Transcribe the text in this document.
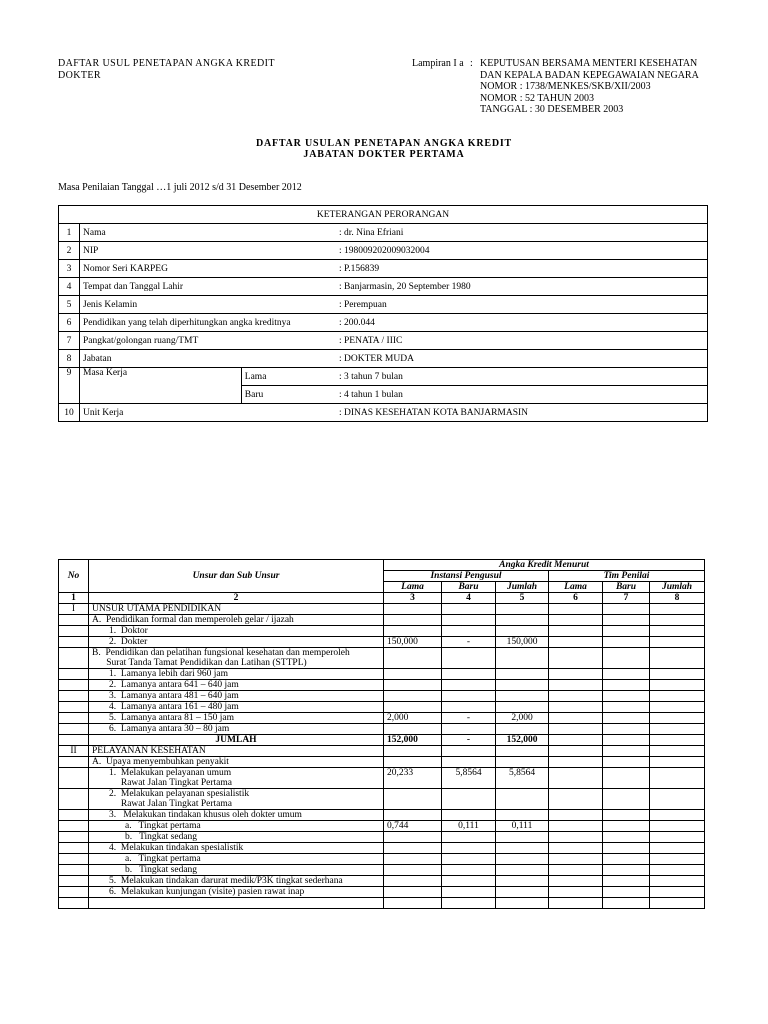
DAFTAR USUL PENETAPAN ANGKA KREDIT
DOKTER
Lampiran I a : KEPUTUSAN BERSAMA MENTERI KESEHATAN
DAN KEPALA BADAN KEPEGAWAIAN NEGARA
NOMOR : 1738/MENKES/SKB/XII/2003
NOMOR : 52 TAHUN 2003
TANGGAL : 30 DESEMBER 2003
DAFTAR USULAN PENETAPAN ANGKA KREDIT
JABATAN DOKTER PERTAMA
Masa Penilaian Tanggal …1 juli 2012 s/d 31 Desember 2012
KETERANGAN PERORANGAN			
1	Nama		: dr. Nina Efriani
2	NIP		: 198009202009032004
3	Nomor Seri KARPEG		: P.156839
4	Tempat dan Tanggal Lahir		: Banjarmasin, 20 September 1980
5	Jenis Kelamin		: Perempuan
6	Pendidikan yang telah diperhitungkan angka kreditnya		: 200.044
7	Pangkat/golongan ruang/TMT		: PENATA / IIIC
8	Jabatan		: DOKTER MUDA
9	Masa Kerja	Lama	: 3 tahun 7 bulan
		Baru	: 4 tahun 1 bulan
10	Unit Kerja		: DINAS KESEHATAN KOTA BANJARMASIN
No	Unsur dan Sub Unsur	Angka Kredit Menurut					
		Instansi Pengusul			Tim Penilai		
		Lama	Baru	Jumlah	Lama	Baru	Jumlah
1	2	3	4	5	6	7	8
I	UNSUR UTAMA PENDIDIKAN						
	A.  Pendidikan formal dan memperoleh gelar / ijazah						
	1.  Doktor						
	2.  Dokter	150,000	-	150,000			
	B.  Pendidikan dan pelatihan fungsional kesehatan dan memperoleh
Surat Tanda Tamat Pendidikan dan Latihan (STTPL)						
	1.  Lamanya lebih dari 960 jam						
	2.  Lamanya antara 641 – 640 jam						
	3.  Lamanya antara 481 – 640 jam						
	4.  Lamanya antara 161 – 480 jam						
	5.  Lamanya antara 81 – 150 jam	2,000	-	2,000			
	6.  Lamanya antara 30 – 80 jam						
	JUMLAH	152,000	-	152,000			
II	PELAYANAN KESEHATAN						
	A.  Upaya menyembuhkan penyakit						
	1.  Melakukan pelayanan umum
Rawat Jalan Tingkat Pertama	20,233	5,8564	5,8564			
	2.  Melakukan pelayanan spesialistik
Rawat Jalan Tingkat Pertama						
	3.   Melakukan tindakan khusus oleh dokter umum						
	a.   Tingkat pertama	0,744	0,111	0,111			
	b.   Tingkat sedang						
	4.  Melakukan tindakan spesialistik						
	a.   Tingkat pertama						
	b.   Tingkat sedang						
	5.  Melakukan tindakan darurat medik/P3K tingkat sederhana						
	6.  Melakukan kunjungan (visite) pasien rawat inap						
